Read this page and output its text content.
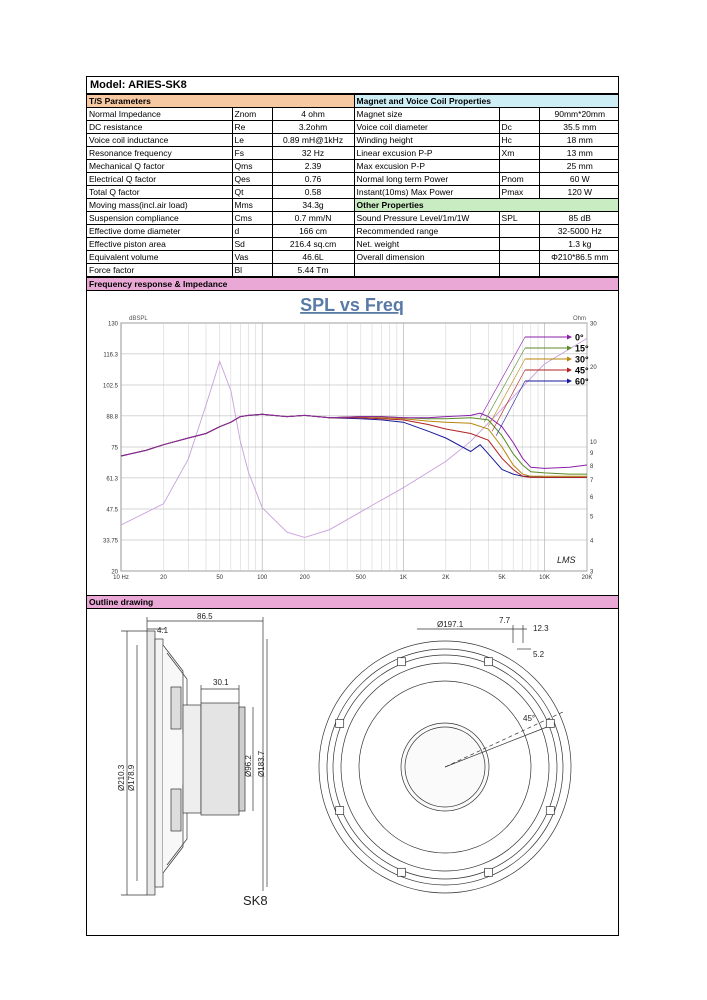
Model: ARIES-SK8
T/S Parameters			Magnet and Voice Coil Properties		
Normal Impedance	Znom	4 ohm	Magnet size		90mm*20mm
DC resistance	Re	3.2ohm	Voice coil diameter	Dc	35.5 mm
Voice coil inductance	Le	0.89 mH@1kHz	Winding height	Hc	18 mm
Resonance frequency	Fs	32 Hz	Linear excusion P-P	Xm	13 mm
Mechanical Q factor	Qms	2.39	Max excusion P-P		25 mm
Electrical Q factor	Qes	0.76	Normal long term Power	Pnom	60 W
Total Q factor	Qt	0.58	Instant(10ms) Max Power	Pmax	120 W
Moving mass(incl.air load)	Mms	34.3g	Other Properties		
Suspension compliance	Cms	0.7 mm/N	Sound Pressure Level/1m/1W	SPL	85 dB
Effective dome diameter	d	166 cm	Recommended range		32-5000 Hz
Effective piston area	Sd	216.4 sq.cm	Net. weight		1.3 kg
Equivalent volume	Vas	46.6L	Overall dimension		Φ210*86.5 mm
Force factor	Bl	5.44 Tm			
Frequency response & Impedance
130
116.3
102.5
88.8
75
61.3
47.5
33.75
20
30
20
10
9
8
7
6
5
4
3
10 Hz	20	50	100	200	500	1K	2K	5K	10K	20K
dBSPL	Ohm
SPL vs Freq
LMS
0°
15°
30°
45°
60°
Outline drawing
86.5
4.1
30.1
Ø210.3 Ø178.9	Ø96.2 Ø183.7
SK8
Ø197.1	7.7
12.3
5.2
45°
